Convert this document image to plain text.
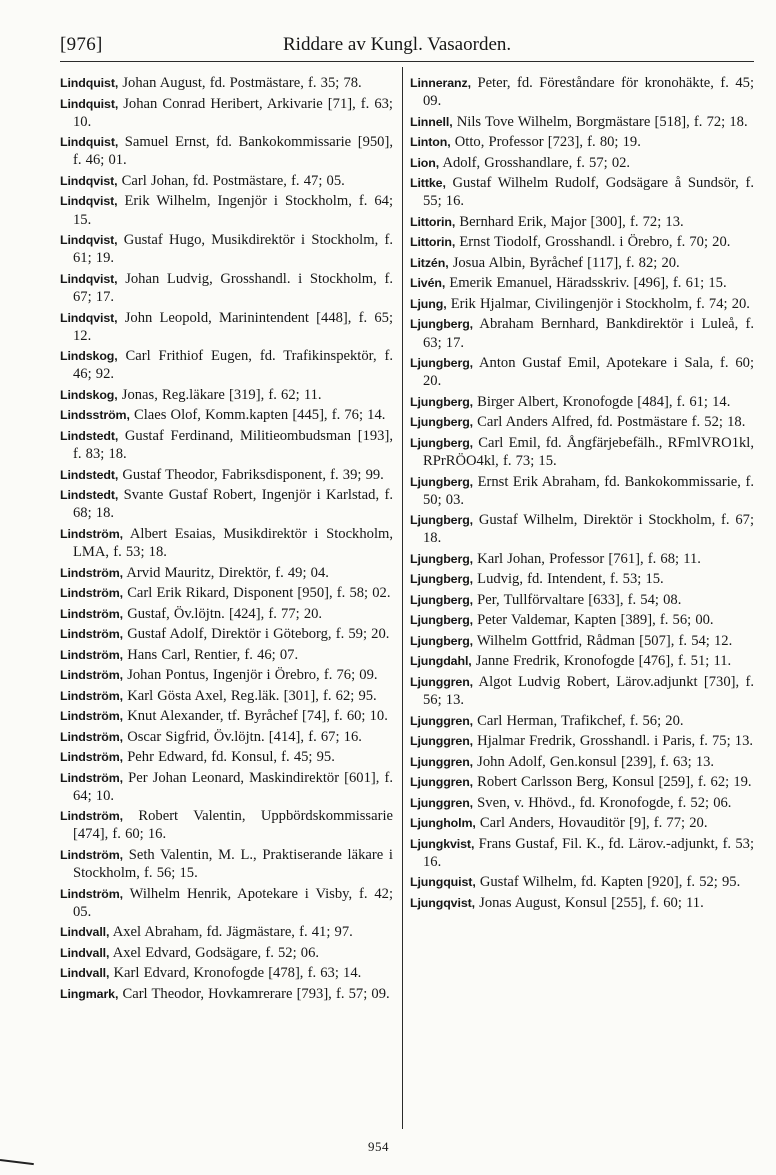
[976]	Riddare av Kungl. Vasaorden.
Lindquist, Johan August, fd. Postmästare, f. 35; 78.
Lindquist, Johan Conrad Heribert, Arkivarie [71], f. 63; 10.
Lindquist, Samuel Ernst, fd. Bankokommissarie [950], f. 46; 01.
Lindqvist, Carl Johan, fd. Postmästare, f. 47; 05.
Lindqvist, Erik Wilhelm, Ingenjör i Stockholm, f. 64; 15.
Lindqvist, Gustaf Hugo, Musikdirektör i Stockholm, f. 61; 19.
Lindqvist, Johan Ludvig, Grosshandl. i Stockholm, f. 67; 17.
Lindqvist, John Leopold, Marinintendent [448], f. 65; 12.
Lindskog, Carl Frithiof Eugen, fd. Trafikinspektör, f. 46; 92.
Lindskog, Jonas, Reg.läkare [319], f. 62; 11.
Lindsström, Claes Olof, Komm.kapten [445], f. 76; 14.
Lindstedt, Gustaf Ferdinand, Militieombudsman [193], f. 83; 18.
Lindstedt, Gustaf Theodor, Fabriksdisponent, f. 39; 99.
Lindstedt, Svante Gustaf Robert, Ingenjör i Karlstad, f. 68; 18.
Lindström, Albert Esaias, Musikdirektör i Stockholm, LMA, f. 53; 18.
Lindström, Arvid Mauritz, Direktör, f. 49; 04.
Lindström, Carl Erik Rikard, Disponent [950], f. 58; 02.
Lindström, Gustaf, Öv.löjtn. [424], f. 77; 20.
Lindström, Gustaf Adolf, Direktör i Göteborg, f. 59; 20.
Lindström, Hans Carl, Rentier, f. 46; 07.
Lindström, Johan Pontus, Ingenjör i Örebro, f. 76; 09.
Lindström, Karl Gösta Axel, Reg.läk. [301], f. 62; 95.
Lindström, Knut Alexander, tf. Byråchef [74], f. 60; 10.
Lindström, Oscar Sigfrid, Öv.löjtn. [414], f. 67; 16.
Lindström, Pehr Edward, fd. Konsul, f. 45; 95.
Lindström, Per Johan Leonard, Maskindirektör [601], f. 64; 10.
Lindström, Robert Valentin, Uppbördskommissarie [474], f. 60; 16.
Lindström, Seth Valentin, M. L., Praktiserande läkare i Stockholm, f. 56; 15.
Lindström, Wilhelm Henrik, Apotekare i Visby, f. 42; 05.
Lindvall, Axel Abraham, fd. Jägmästare, f. 41; 97.
Lindvall, Axel Edvard, Godsägare, f. 52; 06.
Lindvall, Karl Edvard, Kronofogde [478], f. 63; 14.
Lingmark, Carl Theodor, Hovkamrerare [793], f. 57; 09.
Linneranz, Peter, fd. Föreståndare för kronohäkte, f. 45; 09.
Linnell, Nils Tove Wilhelm, Borgmästare [518], f. 72; 18.
Linton, Otto, Professor [723], f. 80; 19.
Lion, Adolf, Grosshandlare, f. 57; 02.
Littke, Gustaf Wilhelm Rudolf, Godsägare å Sundsör, f. 55; 16.
Littorin, Bernhard Erik, Major [300], f. 72; 13.
Littorin, Ernst Tiodolf, Grosshandl. i Örebro, f. 70; 20.
Litzén, Josua Albin, Byråchef [117], f. 82; 20.
Livén, Emerik Emanuel, Häradsskriv. [496], f. 61; 15.
Ljung, Erik Hjalmar, Civilingenjör i Stockholm, f. 74; 20.
Ljungberg, Abraham Bernhard, Bankdirektör i Luleå, f. 63; 17.
Ljungberg, Anton Gustaf Emil, Apotekare i Sala, f. 60; 20.
Ljungberg, Birger Albert, Kronofogde [484], f. 61; 14.
Ljungberg, Carl Anders Alfred, fd. Postmästare f. 52; 18.
Ljungberg, Carl Emil, fd. Ångfärjebefälh., RFmlVRO1kl, RPrRÖO4kl, f. 73; 15.
Ljungberg, Ernst Erik Abraham, fd. Bankokommissarie, f. 50; 03.
Ljungberg, Gustaf Wilhelm, Direktör i Stockholm, f. 67; 18.
Ljungberg, Karl Johan, Professor [761], f. 68; 11.
Ljungberg, Ludvig, fd. Intendent, f. 53; 15.
Ljungberg, Per, Tullförvaltare [633], f. 54; 08.
Ljungberg, Peter Valdemar, Kapten [389], f. 56; 00.
Ljungberg, Wilhelm Gottfrid, Rådman [507], f. 54; 12.
Ljungdahl, Janne Fredrik, Kronofogde [476], f. 51; 11.
Ljunggren, Algot Ludvig Robert, Lärov.adjunkt [730], f. 56; 13.
Ljunggren, Carl Herman, Trafikchef, f. 56; 20.
Ljunggren, Hjalmar Fredrik, Grosshandl. i Paris, f. 75; 13.
Ljunggren, John Adolf, Gen.konsul [239], f. 63; 13.
Ljunggren, Robert Carlsson Berg, Konsul [259], f. 62; 19.
Ljunggren, Sven, v. Hhövd., fd. Kronofogde, f. 52; 06.
Ljungholm, Carl Anders, Hovauditör [9], f. 77; 20.
Ljungkvist, Frans Gustaf, Fil. K., fd. Lärov.-adjunkt, f. 53; 16.
Ljungquist, Gustaf Wilhelm, fd. Kapten [920], f. 52; 95.
Ljungqvist, Jonas August, Konsul [255], f. 60; 11.
954
